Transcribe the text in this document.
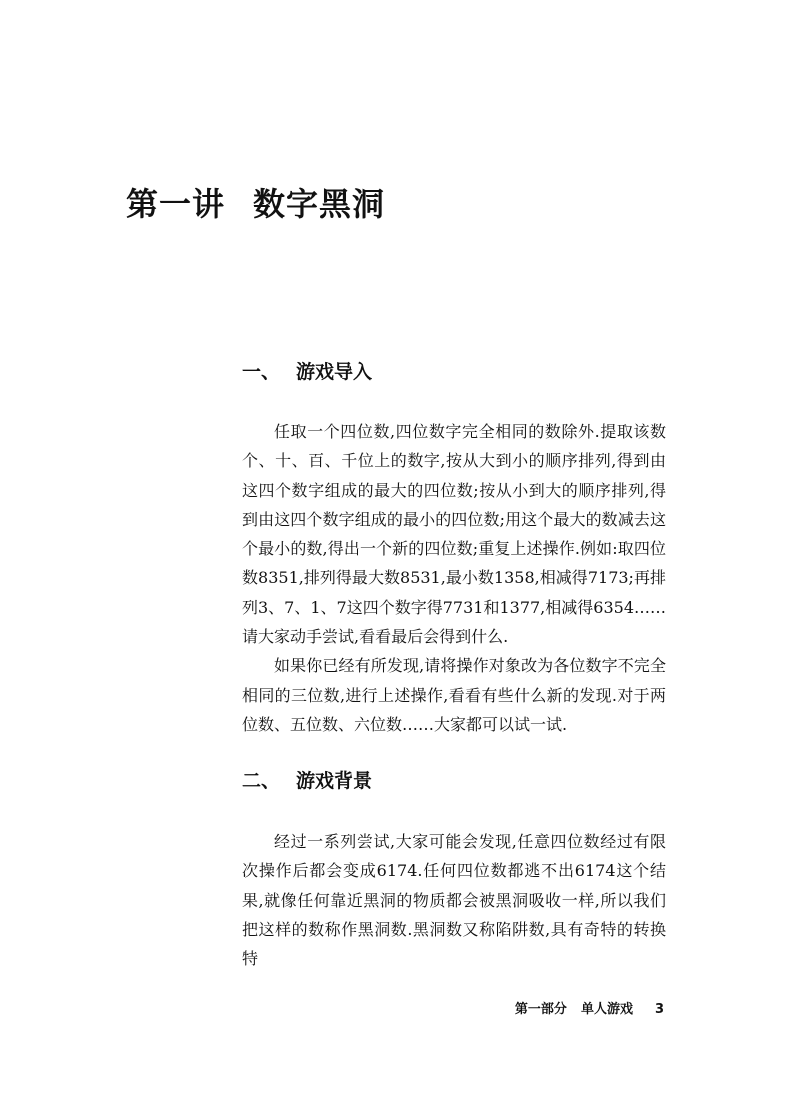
第一讲 数字黑洞
一、 游戏导入

任取一个四位数,四位数字完全相同的数除外.提取该数个、十、百、千位上的数字,按从大到小的顺序排列,得到由这四个数字组成的最大的四位数;按从小到大的顺序排列,得到由这四个数字组成的最小的四位数;用这个最大的数减去这个最小的数,得出一个新的四位数;重复上述操作.例如:取四位数8351,排列得最大数8531,最小数1358,相减得7173;再排列3、7、1、7这四个数字得7731和1377,相减得6354……请大家动手尝试,看看最后会得到什么.

如果你已经有所发现,请将操作对象改为各位数字不完全相同的三位数,进行上述操作,看看有些什么新的发现.对于两位数、五位数、六位数……大家都可以试一试.

二、 游戏背景

经过一系列尝试,大家可能会发现,任意四位数经过有限次操作后都会变成6174.任何四位数都逃不出6174这个结果,就像任何靠近黑洞的物质都会被黑洞吸收一样,所以我们把这样的数称作黑洞数.黑洞数又称陷阱数,具有奇特的转换特

第一部分 单人游戏 3
